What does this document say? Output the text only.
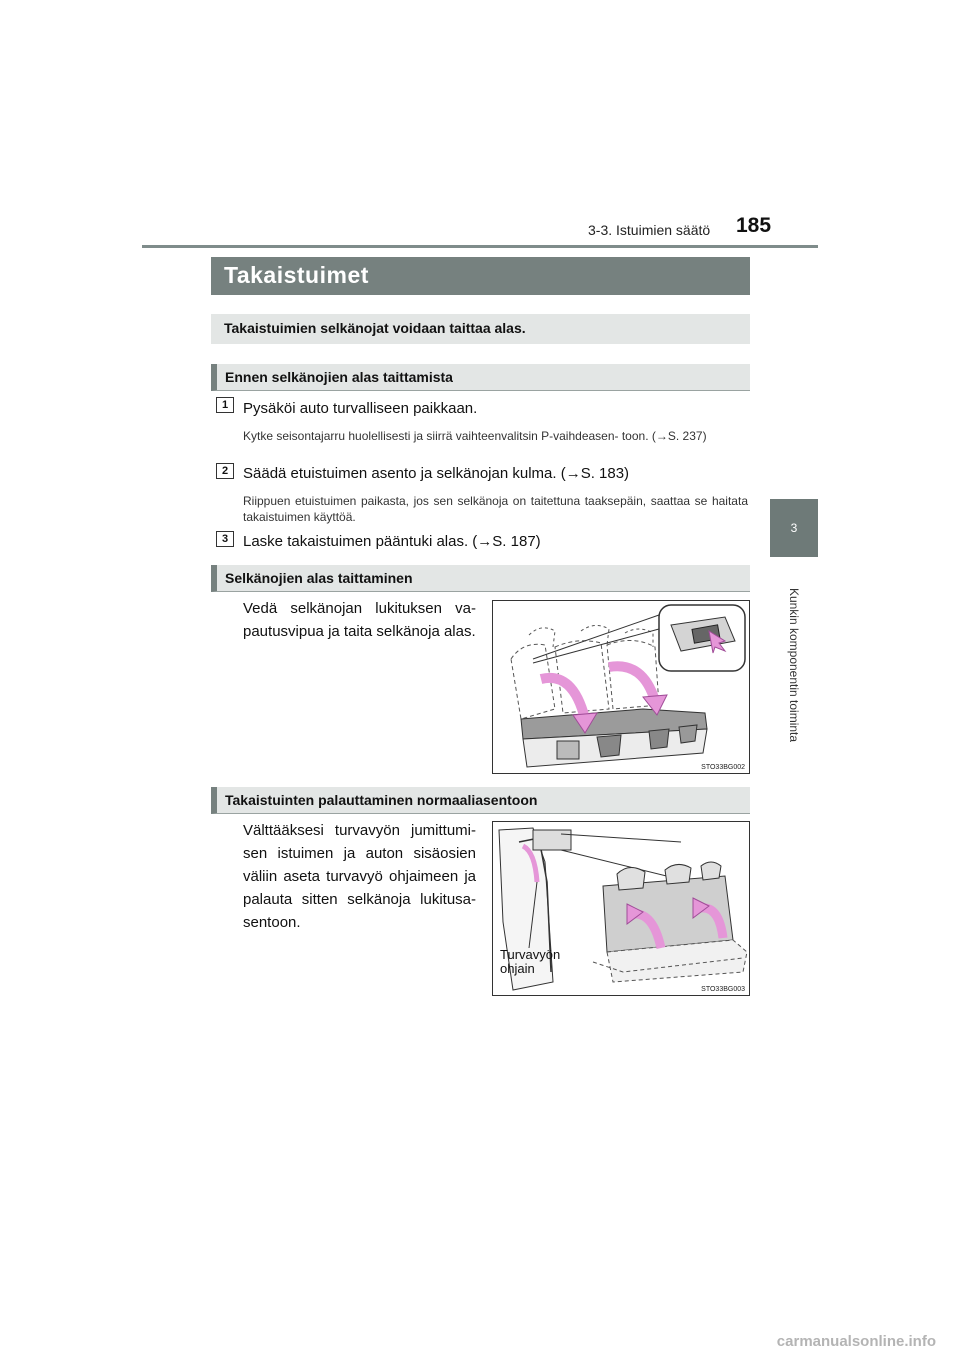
3-3. Istuimien säätö 185
3
Kunkin komponentin toiminta
Takaistuimet
Takaistuimien selkänojat voidaan taittaa alas.
Ennen selkänojien alas taittamista
1 Pysäköi auto turvalliseen paikkaan.
Kytke seisontajarru huolellisesti ja siirrä vaihteenvalitsin P-vaihdeasen- toon. (→S. 237)
2 Säädä etuistuimen asento ja selkänojan kulma. (→S. 183)
Riippuen etuistuimen paikasta, jos sen selkänoja on taitettuna taaksepäin, saattaa se haitata takaistuimen käyttöä.
3 Laske takaistuimen pääntuki alas. (→S. 187)
Selkänojien alas taittaminen
Vedä selkänojan lukituksen va- pautusvipua ja taita selkänoja alas.
STO33BG002
Takaistuinten palauttaminen normaaliasentoon
Välttääksesi turvavyön jumittumi- sen istuimen ja auton sisäosien väliin aseta turvavyö ohjaimeen ja palauta sitten selkänoja lukitusa- sentoon.
Turvavyön
ohjain
STO33BG003
carmanualsonline.info
